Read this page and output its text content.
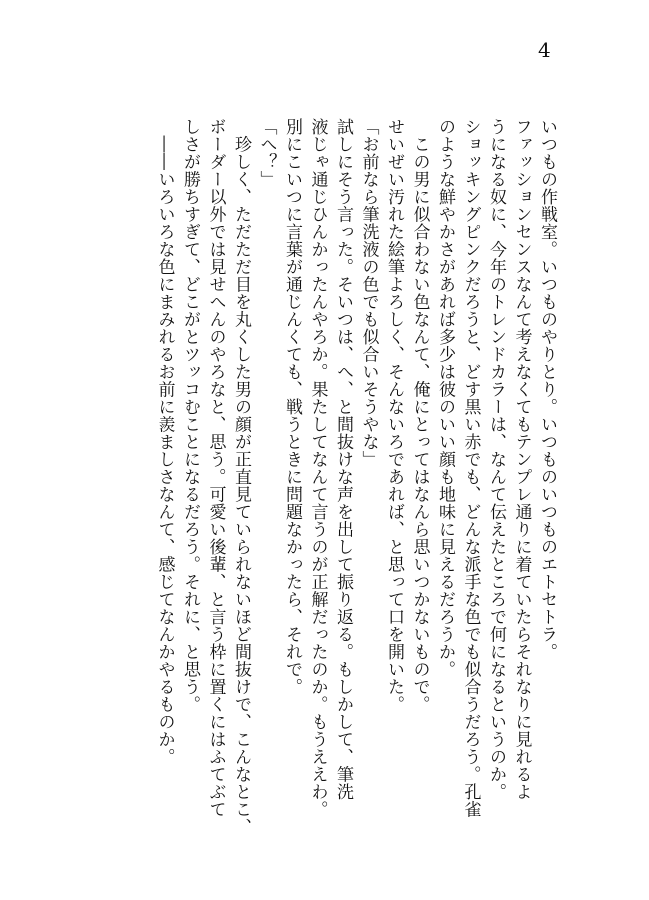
4

いつもの作戦室。いつものやりとり。いつものいつものエトセトラ。

ファッションセンスなんて考えなくてもテンプレ通りに着ていたらそれなりに見れるよ

うになる奴に、今年のトレンドカラーは、なんて伝えたところで何になるというのか。

ショッキングピンクだろうと、どす黒い赤でも、どんな派手な色でも似合うだろう。孔雀

のような鮮やかさがあれば多少は彼のいい顔も地味に見えるだろうか。

　この男に似合わない色なんて、俺にとってはなんら思いつかないもので。

せいぜい汚れた絵筆よろしく、そんないろであれば、と思って口を開いた。

「お前なら筆洗液の色でも似合いそうやな」

試しにそう言った。そいつは、へ、と間抜けな声を出して振り返る。もしかして、筆洗

液じゃ通じひんかったんやろか。果たしてなんて言うのが正解だったのか。もうええわ。

別にこいつに言葉が通じんくても、戦うときに問題なかったら、それで。

「へ？」

　珍しく、ただただ目を丸くした男の顔が正直見ていられないほど間抜けで、こんなとこ、

ボーダー以外では見せへんのやろなと、思う。可愛い後輩、と言う枠に置くにはふてぶて

しさが勝ちすぎて、どこがとツッコむことになるだろう。それに、と思う。

　――いろいろな色にまみれるお前に羨ましさなんて、感じてなんかやるものか。
